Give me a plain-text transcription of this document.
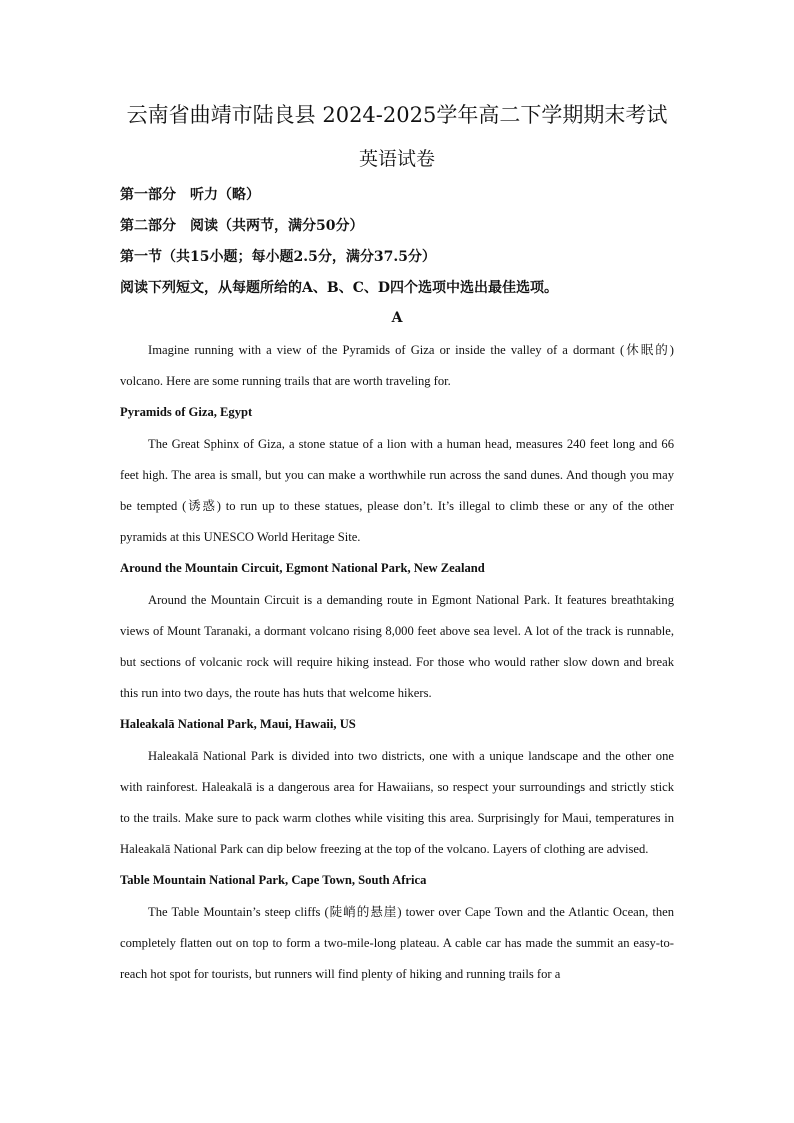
云南省曲靖市陆良县 2024-2025学年高二下学期期末考试
英语试卷

第一部分　听力（略）

第二部分　阅读（共两节，满分50分）

第一节（共15小题；每小题2.5分，满分37.5分）

阅读下列短文，从每题所给的A、B、C、D四个选项中选出最佳选项。

A

Imagine running with a view of the Pyramids of Giza or inside the valley of a dormant (休眠的) volcano. Here are some running trails that are worth traveling for.

Pyramids of Giza, Egypt

The Great Sphinx of Giza, a stone statue of a lion with a human head, measures 240 feet long and 66 feet high. The area is small, but you can make a worthwhile run across the sand dunes. And though you may be tempted (诱惑) to run up to these statues, please don’t. It’s illegal to climb these or any of the other pyramids at this UNESCO World Heritage Site.

Around the Mountain Circuit, Egmont National Park, New Zealand

Around the Mountain Circuit is a demanding route in Egmont National Park. It features breathtaking views of Mount Taranaki, a dormant volcano rising 8,000 feet above sea level. A lot of the track is runnable, but sections of volcanic rock will require hiking instead. For those who would rather slow down and break this run into two days, the route has huts that welcome hikers.

Haleakalā National Park, Maui, Hawaii, US

Haleakalā National Park is divided into two districts, one with a unique landscape and the other one with rainforest. Haleakalā is a dangerous area for Hawaiians, so respect your surroundings and strictly stick to the trails. Make sure to pack warm clothes while visiting this area. Surprisingly for Maui, temperatures in Haleakalā National Park can dip below freezing at the top of the volcano. Layers of clothing are advised.

Table Mountain National Park, Cape Town, South Africa

The Table Mountain’s steep cliffs (陡峭的悬崖) tower over Cape Town and the Atlantic Ocean, then completely flatten out on top to form a two-mile-long plateau. A cable car has made the summit an easy-to-reach hot spot for tourists, but runners will find plenty of hiking and running trails for a
